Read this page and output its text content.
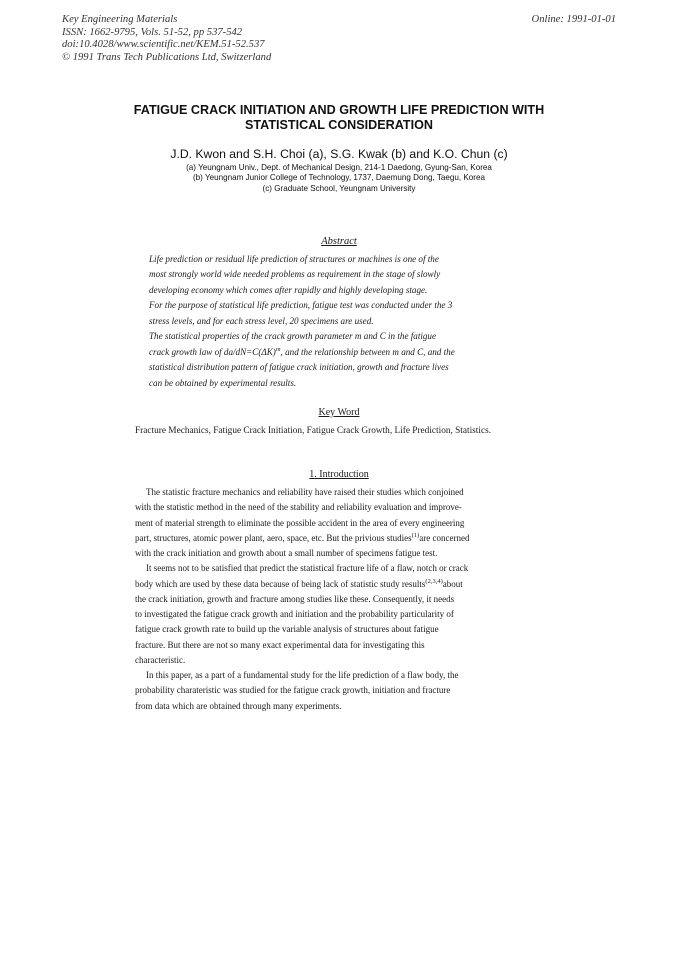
Key Engineering Materials
ISSN: 1662-9795, Vols. 51-52, pp 537-542
doi:10.4028/www.scientific.net/KEM.51-52.537
© 1991 Trans Tech Publications Ltd, Switzerland
Online: 1991-01-01
FATIGUE CRACK INITIATION AND GROWTH LIFE PREDICTION WITH
STATISTICAL CONSIDERATION
J.D. Kwon and S.H. Choi (a), S.G. Kwak (b) and K.O. Chun (c)
(a) Yeungnam Univ., Dept. of Mechanical Design, 214-1 Daedong, Gyung-San, Korea
(b) Yeungnam Junior College of Technology, 1737, Daemung Dong, Taegu, Korea
(c) Graduate School, Yeungnam University
Abstract
Life prediction or residual life prediction of structures or machines is one of the
most strongly world wide needed problems as requirement in the stage of slowly
developing economy which comes after rapidly and highly developing stage.
For the purpose of statistical life prediction, fatigue test was conducted under the 3
stress levels, and for each stress level, 20 specimens are used.
The statistical properties of the crack growth parameter m and C in the fatigue
crack growth law of $da/dN=C(\Delta K)^m$, and the relationship between m and C, and the
statistical distribution pattern of fatigue crack initiation, growth and fracture lives
can be obtained by experimental results.
Key Word
Fracture Mechanics, Fatigue Crack Initiation, Fatigue Crack Growth, Life Prediction, Statistics.
1. Introduction
The statistic fracture mechanics and reliability have raised their studies which conjoined
with the statistic method in the need of the stability and reliability evaluation and improve-
ment of material strength to eliminate the possible accident in the area of every engineering
part, structures, atomic power plant, aero, space, etc. But the privious studies$^{(1)}$are concerned
with the crack initiation and growth about a small number of specimens fatigue test.
It seems not to be satisfied that predict the statistical fracture life of a flaw, notch or crack
body which are used by these data because of being lack of statistic study results$^{(2,3,4)}$about
the crack initiation, growth and fracture among studies like these. Consequently, it needs
to investigated the fatigue crack growth and initiation and the probability particularity of
fatigue crack growth rate to build up the variable analysis of structures about fatigue
fracture. But there are not so many exact experimental data for investigating this
characteristic.
In this paper, as a part of a fundamental study for the life prediction of a flaw body, the
probability charateristic was studied for the fatigue crack growth, initiation and fracture
from data which are obtained through many experiments.
